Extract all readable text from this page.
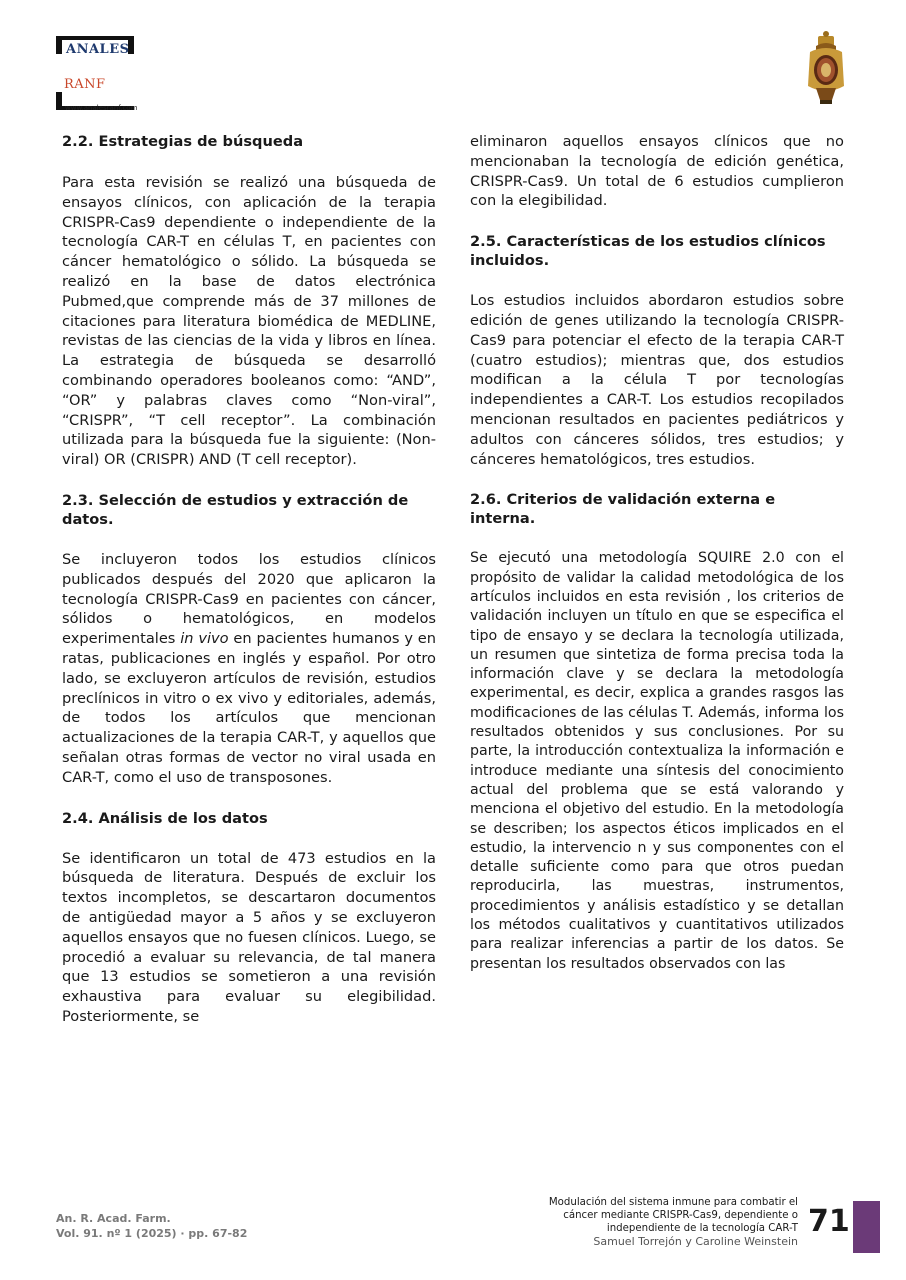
ANALES
RANF
www.analesranf.com

2.2. Estrategias de búsqueda

Para esta revisión se realizó una búsqueda de ensayos clínicos, con aplicación de la terapia CRISPR-Cas9 dependiente o independiente de la tecnología CAR-T en células T, en pacientes con cáncer hematológico o sólido. La búsqueda se realizó en la base de datos electrónica Pubmed,que comprende más de 37 millones de citaciones para literatura biomédica de MEDLINE, revistas de las ciencias de la vida y libros en línea. La estrategia de búsqueda se desarrolló combinando operadores booleanos como: “AND”, “OR” y palabras claves como “Non-viral”, “CRISPR”, “T cell receptor”. La combinación utilizada para la búsqueda fue la siguiente: (Non-viral) OR (CRISPR) AND (T cell receptor).

2.3. Selección de estudios y extracción de datos.

Se incluyeron todos los estudios clínicos publicados después del 2020 que aplicaron la tecnología CRISPR-Cas9 en pacientes con cáncer, sólidos o hematológicos, en modelos experimentales in vivo en pacientes humanos y en ratas, publicaciones en inglés y español. Por otro lado, se excluyeron artículos de revisión, estudios preclínicos in vitro o ex vivo y editoriales, además, de todos los artículos que mencionan actualizaciones de la terapia CAR-T, y aquellos que señalan otras formas de vector no viral usada en CAR-T, como el uso de transposones.

2.4. Análisis de los datos

Se identificaron un total de 473 estudios en la búsqueda de literatura. Después de excluir los textos incompletos, se descartaron documentos de antigüedad mayor a 5 años y se excluyeron aquellos ensayos que no fuesen clínicos. Luego, se procedió a evaluar su relevancia, de tal manera que 13 estudios se sometieron a una revisión exhaustiva para evaluar su elegibilidad. Posteriormente, se

eliminaron aquellos ensayos clínicos que no mencionaban la tecnología de edición genética, CRISPR-Cas9. Un total de 6 estudios cumplieron con la elegibilidad.

2.5. Características de los estudios clínicos incluidos.

Los estudios incluidos abordaron estudios sobre edición de genes utilizando la tecnología CRISPR-Cas9 para potenciar el efecto de la terapia CAR-T (cuatro estudios); mientras que, dos estudios modifican a la célula T por tecnologías independientes a CAR-T. Los estudios recopilados mencionan resultados en pacientes pediátricos y adultos con cánceres sólidos, tres estudios; y cánceres hematológicos, tres estudios.

2.6. Criterios de validación externa e interna.

Se ejecutó una metodología SQUIRE 2.0 con el propósito de validar la calidad metodológica de los artículos incluidos en esta revisión , los criterios de validación incluyen un título en que se especifica el tipo de ensayo y se declara la tecnología utilizada, un resumen que sintetiza de forma precisa toda la información clave y se declara la metodología experimental, es decir, explica a grandes rasgos las modificaciones de las células T. Además, informa los resultados obtenidos y sus conclusiones. Por su parte, la introducción contextualiza la información e introduce mediante una síntesis del conocimiento actual del problema que se está valorando y menciona el objetivo del estudio. En la metodología se describen; los aspectos éticos implicados en el estudio, la intervencio n y sus componentes con el detalle suficiente como para que otros puedan reproducirla, las muestras, instrumentos, procedimientos y análisis estadístico y se detallan los métodos cualitativos y cuantitativos utilizados para realizar inferencias a partir de los datos. Se presentan los resultados observados con las

An. R. Acad. Farm.
Vol. 91. nº 1 (2025) · pp. 67-82
Modulación del sistema inmune para combatir el
cáncer mediante CRISPR-Cas9, dependiente o
independiente de la tecnología CAR-T
Samuel Torrejón y Caroline Weinstein
71
